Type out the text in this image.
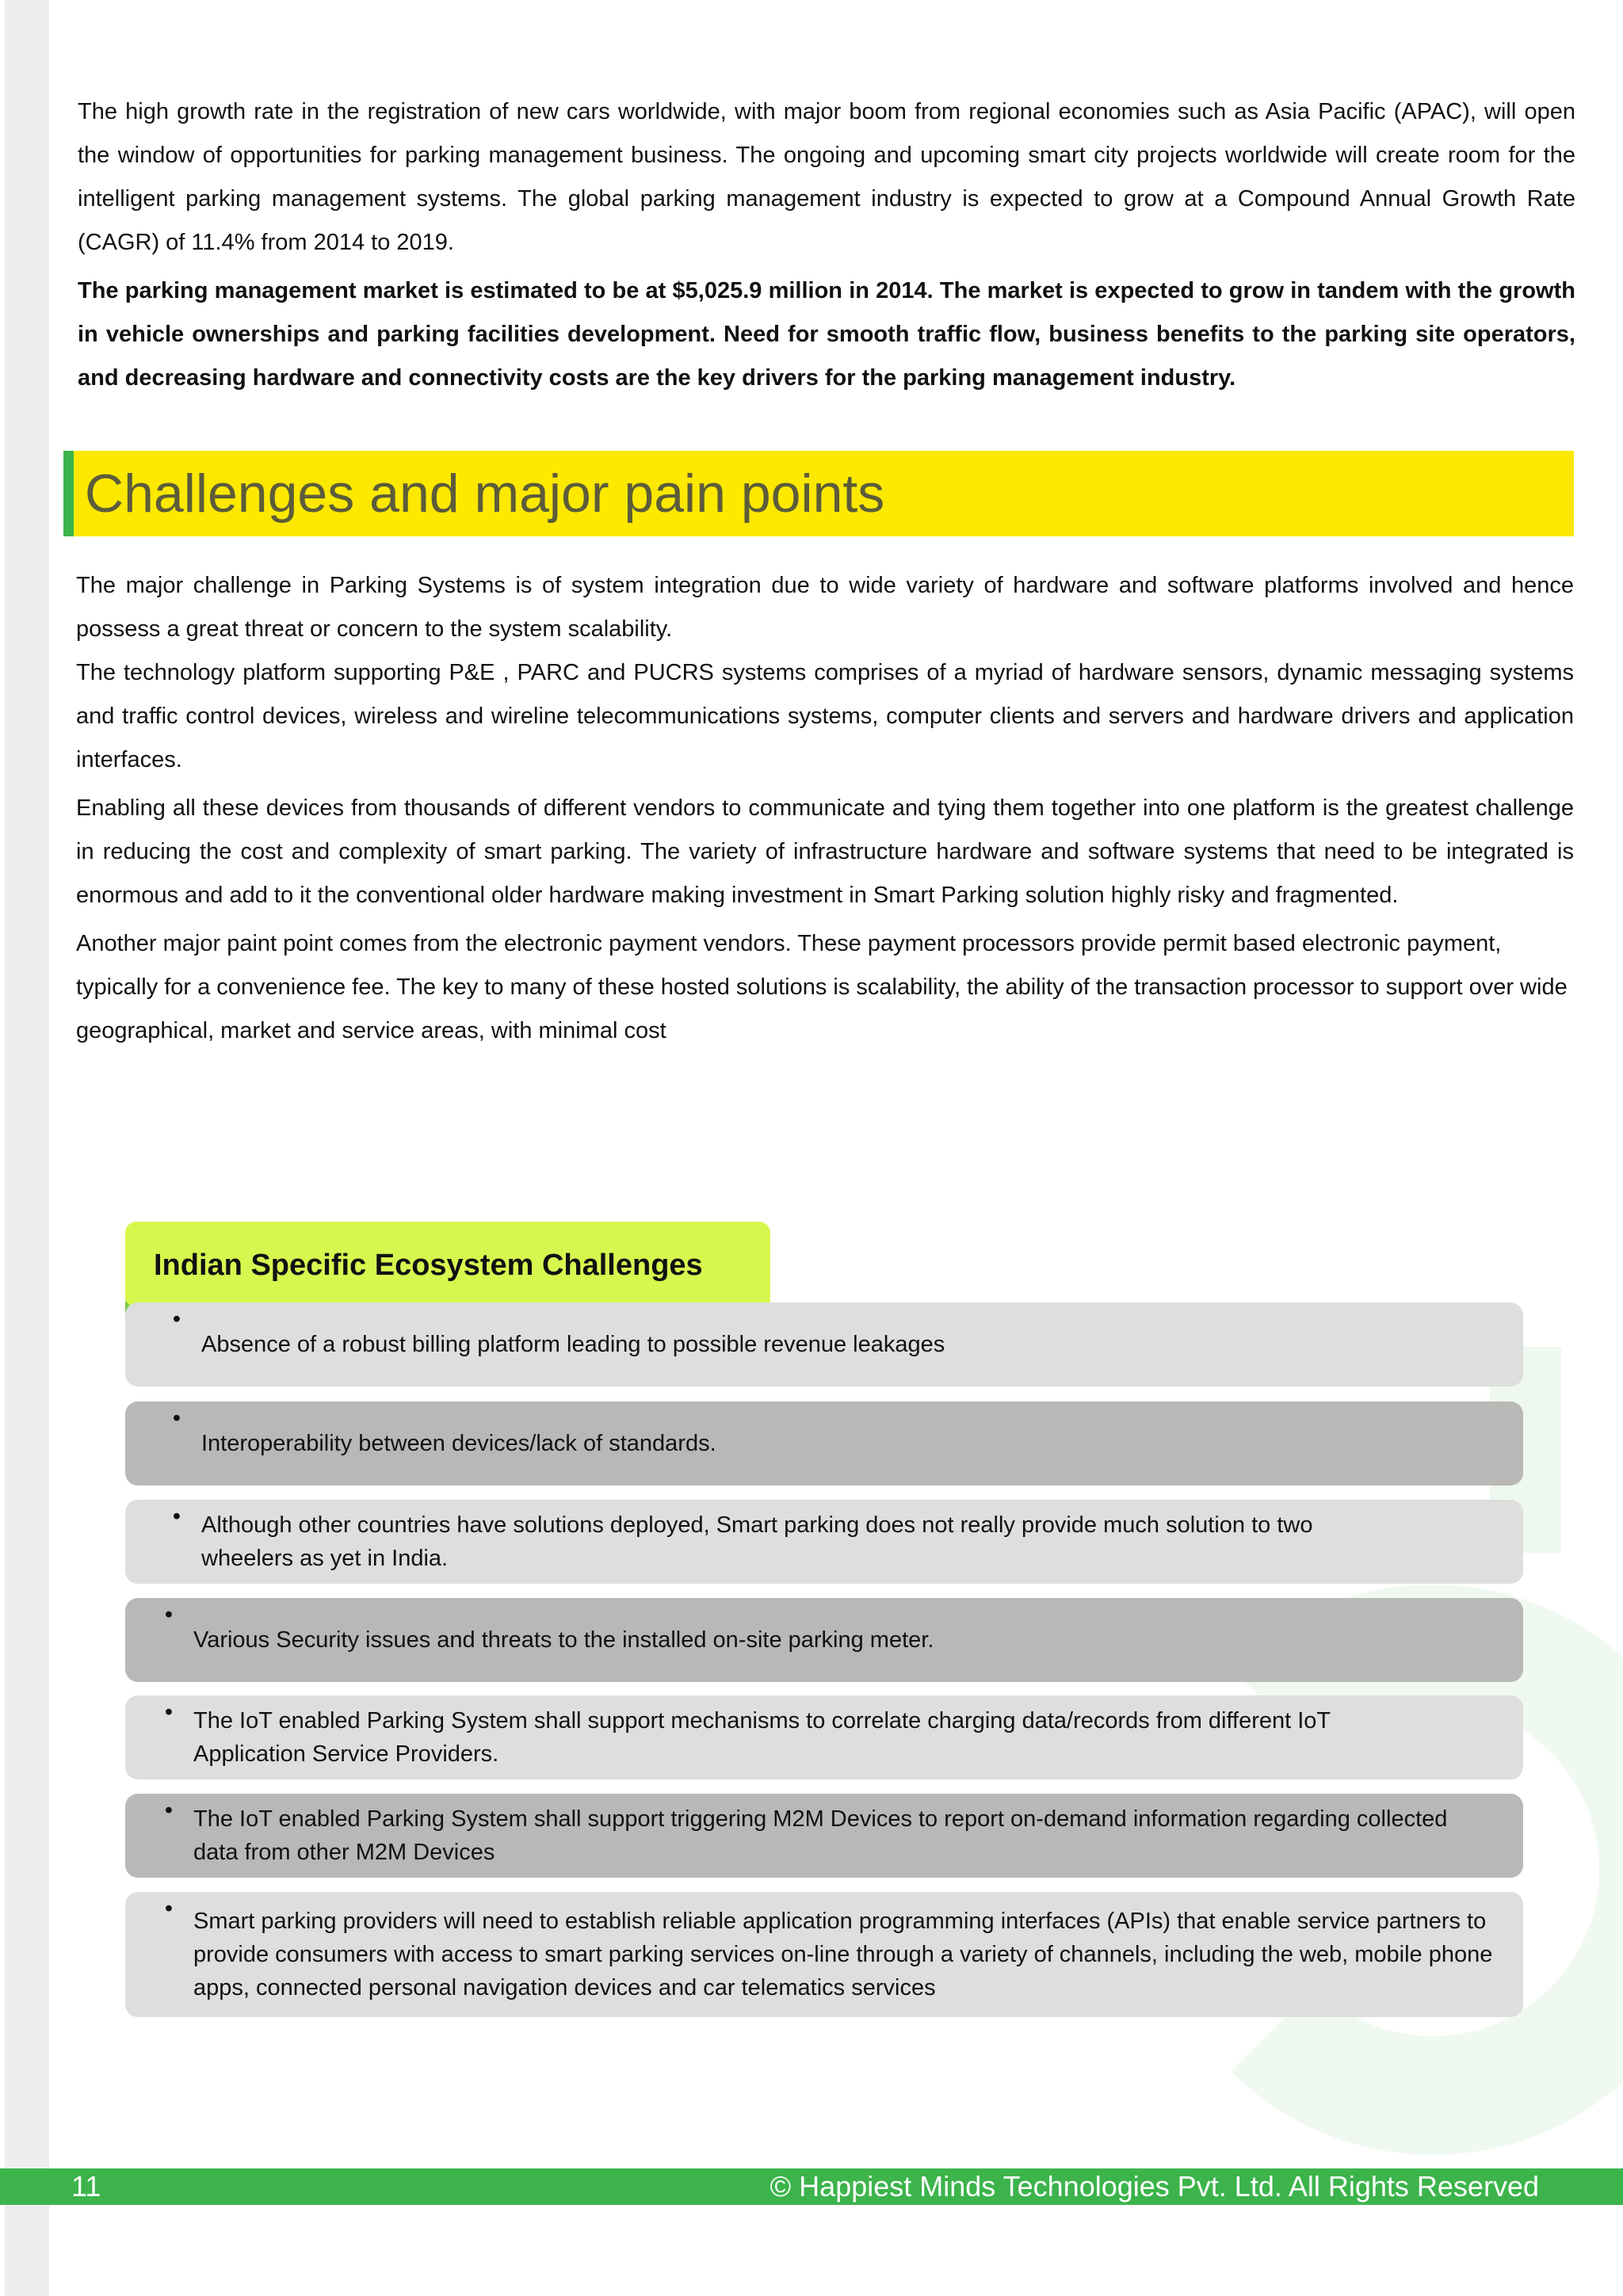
The high growth rate in the registration of new cars worldwide, with major boom from regional economies such as Asia Pacific (APAC), will open the window of opportunities for parking management business. The ongoing and upcoming smart city projects worldwide will create room for the intelligent parking management systems. The global parking management industry is expected to grow at a Compound Annual Growth Rate (CAGR) of 11.4% from 2014 to 2019.

The parking management market is estimated to be at $5,025.9 million in 2014. The market is expected to grow in tandem with the growth in vehicle ownerships and parking facilities development. Need for smooth traffic flow, business benefits to the parking site operators, and decreasing hardware and connectivity costs are the key drivers for the parking management industry.

Challenges and major pain points

The major challenge in Parking Systems is of system integration due to wide variety of hardware and software platforms involved and hence possess a great threat or concern to the system scalability.

The technology platform supporting P&E , PARC and PUCRS systems comprises of a myriad of hardware sensors, dynamic messaging systems and traffic control devices, wireless and wireline telecommunications systems, computer clients and servers and hardware drivers and application interfaces.

Enabling all these devices from thousands of different vendors to communicate and tying them together into one platform is the greatest challenge in reducing the cost and complexity of smart parking. The variety of infrastructure hardware and software systems that need to be integrated is enormous and add to it the conventional older hardware making investment in Smart Parking solution highly risky and fragmented.

Another major paint point comes from the electronic payment vendors. These payment processors provide permit based electronic payment, typically for a convenience fee. The key to many of these hosted solutions is scalability, the ability of the transaction processor to support over wide geographical, market and service areas, with minimal cost

Indian Specific Ecosystem Challenges
•
Absence of a robust billing platform leading to possible revenue leakages
•
Interoperability between devices/lack of standards.
• Although other countries have solutions deployed, Smart parking does not really provide much solution to two wheelers as yet in India.
•
Various Security issues and threats to the installed on-site parking meter.
• The IoT enabled Parking System shall support mechanisms to correlate charging data/records from different IoT Application Service Providers.
• The IoT enabled Parking System shall support triggering M2M Devices to report on-demand information regarding collected data from other M2M Devices
• Smart parking providers will need to establish reliable application programming interfaces (APIs) that enable service partners to provide consumers with access to smart parking services on-line through a variety of channels, including the web, mobile phone apps, connected personal navigation devices and car telematics services
11	© Happiest Minds Technologies Pvt. Ltd. All Rights Reserved
